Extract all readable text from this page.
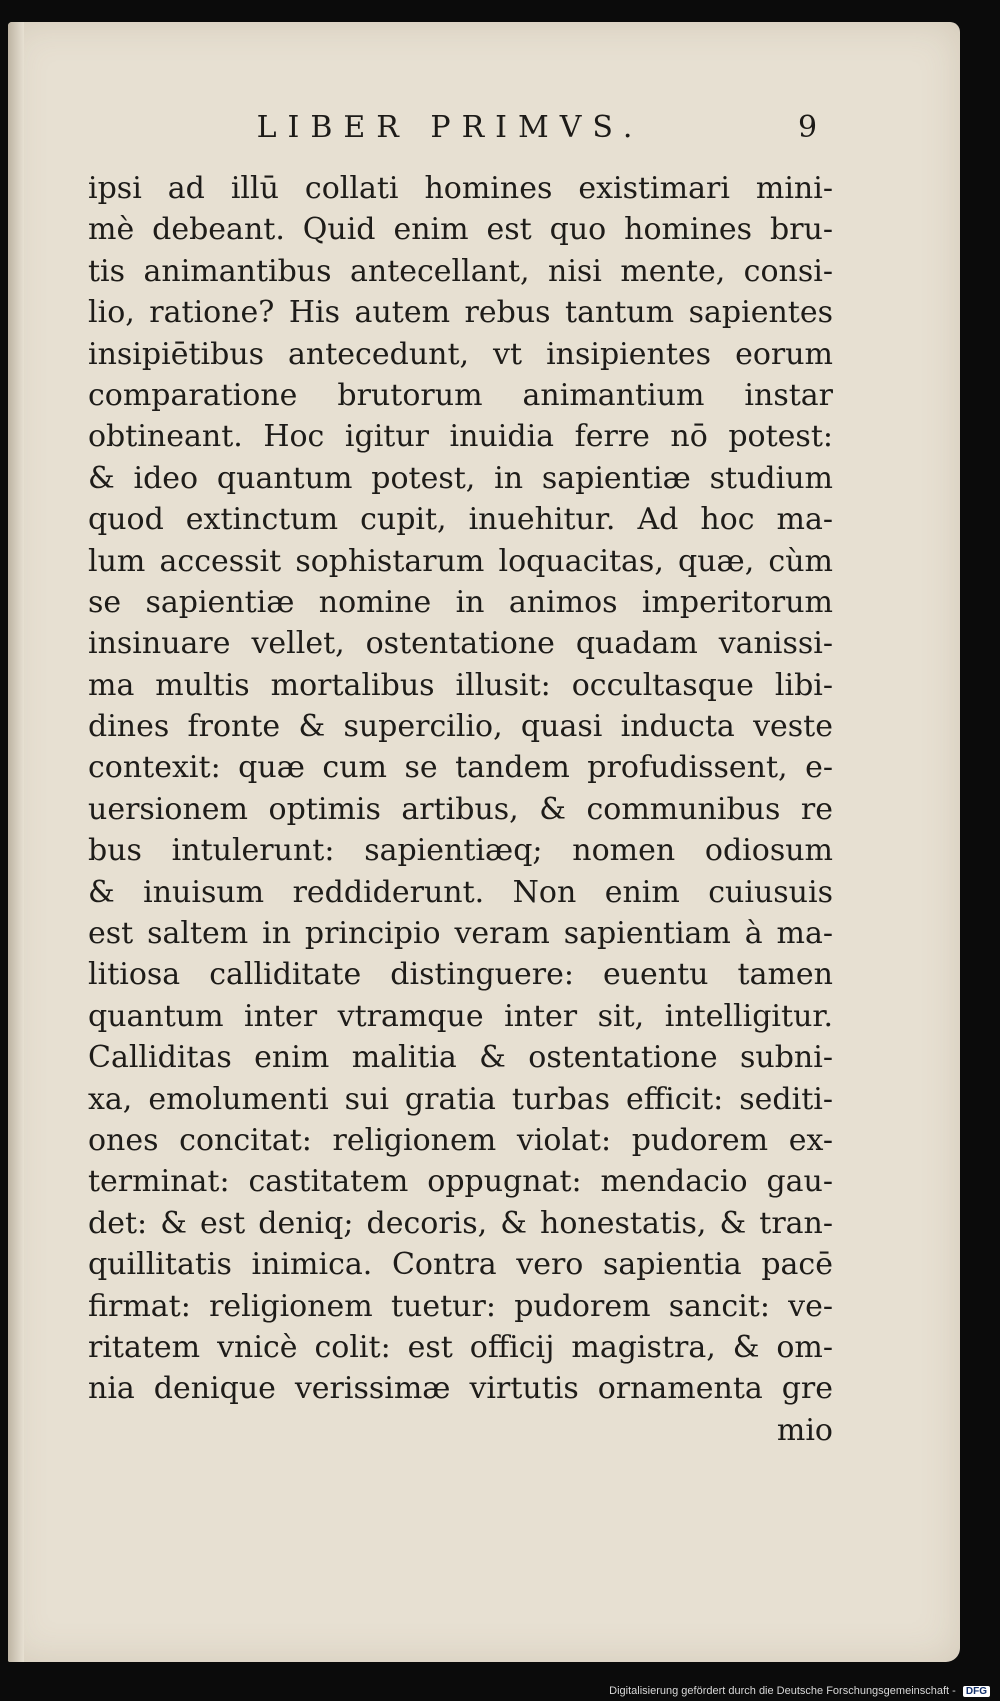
LIBER PRIMVS.	9
ipsi ad illū collati homines existimari mini-
mè debeant. Quid enim est quo homines bru-
tis animantibus antecellant, nisi mente, consi-
lio, ratione? His autem rebus tantum sapientes
insipiētibus antecedunt, vt insipientes eorum
comparatione brutorum animantium instar
obtineant. Hoc igitur inuidia ferre nō potest:
& ideo quantum potest, in sapientiæ studium
quod extinctum cupit, inuehitur. Ad hoc ma-
lum accessit sophistarum loquacitas, quæ, cùm
se sapientiæ nomine in animos imperitorum
insinuare vellet, ostentatione quadam vanissi-
ma multis mortalibus illusit: occultasque libi-
dines fronte & supercilio, quasi inducta veste
contexit: quæ cum se tandem profudissent, e-
uersionem optimis artibus, & communibus re
bus intulerunt: sapientiæq; nomen odiosum
& inuisum reddiderunt. Non enim cuiusuis
est saltem in principio veram sapientiam à ma-
litiosa calliditate distinguere: euentu tamen
quantum inter vtramque inter sit, intelligitur.
Calliditas enim malitia & ostentatione subni-
xa, emolumenti sui gratia turbas efficit: sediti-
ones concitat: religionem violat: pudorem ex-
terminat: castitatem oppugnat: mendacio gau-
det: & est deniq; decoris, & honestatis, & tran-
quillitatis inimica. Contra vero sapientia pacē
firmat: religionem tuetur: pudorem sancit: ve-
ritatem vnicè colit: est officij magistra, & om-
nia denique verissimæ virtutis ornamenta gre
mio
Digitalisierung gefördert durch die Deutsche Forschungsgemeinschaft - DFG
